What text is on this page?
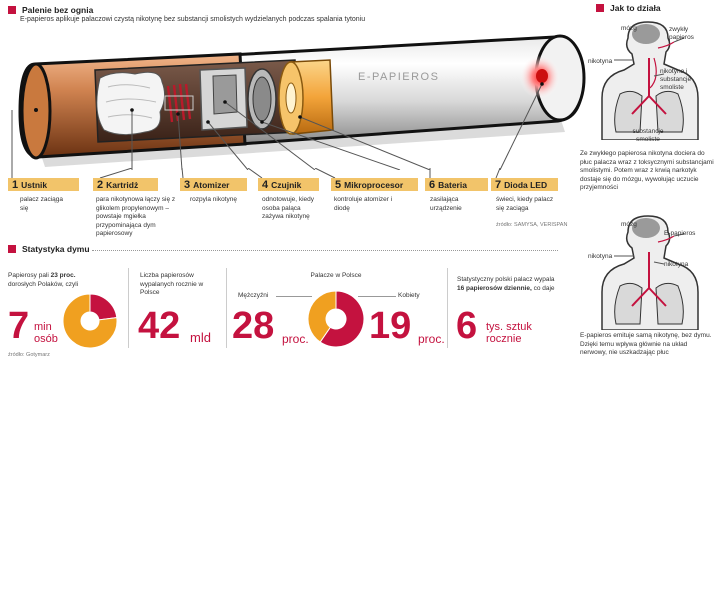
Palenie bez ognia
E-papieros aplikuje palaczowi czystą nikotynę bez substancji smolistych wydzielanych podczas spalania tytoniu
E-PAPIEROS
1 Ustnik	2 Kartridż	3 Atomizer	4 Czujnik	5 Mikroprocesor 6 Bateria	7 Dioda LED
palacz zaciąga się
para nikotynowa łączy się z glikolem propylenowym – powstaje mgiełka przypominająca dym papierosowy
rozpyla nikotynę	odnotowuje, kiedy osoba paląca zażywa nikotynę
kontroluje atomizer i diodę
zasilająca urządzenie
świeci, kiedy palacz się zaciąga
źródło: SAMYSA, VERISPAN
Statystyka dymu
Papierosy pali 23 proc. dorosłych Polaków, czyli
7 min
osób
źródło: Gotymarz
Liczba papierosów wypalanych rocznie w Polsce
42 mld
Palacze w Polsce
Mężczyźni	Kobiety
28 proc. 19 proc.
Statystyczny polski palacz wypala 16 papierosów dziennie, co daje
6 tys. sztuk
rocznie
Jak to działa
mózg	zwykły papieros
nikotyna
nikotyna i substancje smoliste
substancje smoliste
Ze zwykłego papierosa nikotyna dociera do płuc palacza wraz z toksycznymi substancjami smolistymi. Potem wraz z krwią narkotyk dostaje się do mózgu, wywołując uczucie przyjemności
mózg
E-papieros
nikotyna
nikotyna
E-papieros emituje samą nikotynę, bez dymu. Dzięki temu wpływa głównie na układ nerwowy, nie uszkadzając płuc
